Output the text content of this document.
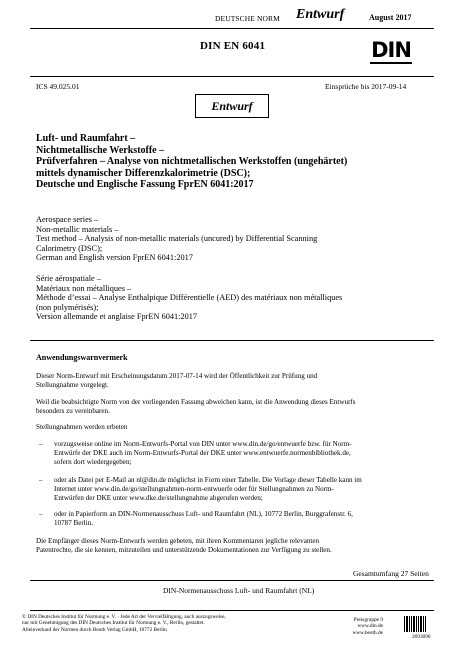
DEUTSCHE NORM Entwurf	August 2017
DIN EN 6041	DIN
ICS 49.025.01	Einsprüche bis 2017-09-14
Entwurf
Luft- und Raumfahrt –
Nichtmetallische Werkstoffe –
Prüfverfahren – Analyse von nichtmetallischen Werkstoffen (ungehärtet)
mittels dynamischer Differenzkalorimetrie (DSC);
Deutsche und Englische Fassung FprEN 6041:2017
Aerospace series –
Non-metallic materials –
Test method – Analysis of non-metallic materials (uncured) by Differential Scanning
Calorimetry (DSC);
German and English version FprEN 6041:2017
Série aérospatiale –
Matériaux non métalliques –
Méthode d’essai – Analyse Enthalpique Différentielle (AED) des matériaux non métalliques
(non polymérisés);
Version allemande et anglaise FprEN 6041:2017
Anwendungswarnvermerk
Dieser Norm-Entwurf mit Erscheinungsdatum 2017-07-14 wird der Öffentlichkeit zur Prüfung und
Stellungnahme vorgelegt.
Weil die beabsichtigte Norm von der vorliegenden Fassung abweichen kann, ist die Anwendung dieses Entwurfs
besonders zu vereinbaren.
Stellungnahmen werden erbeten
– vorzugsweise online im Norm-Entwurfs-Portal von DIN unter www.din.de/go/entwuerfe bzw. für Norm-
Entwürfe der DKE auch im Norm-Entwurfs-Portal der DKE unter www.entwuerfe.normenbibliothek.de,
sofern dort wiedergegeben;
– oder als Datei per E-Mail an nl@din.de möglichst in Form einer Tabelle. Die Vorlage dieser Tabelle kann im
Internet unter www.din.de/go/stellungnahmen-norm-entwuerfe oder für Stellungnahmen zu Norm-
Entwürfen der DKE unter www.dke.de/stellungnahme abgerufen werden;
– oder in Papierform an DIN-Normenausschuss Luft- und Raumfahrt (NL), 10772 Berlin, Burggrafenstr. 6,
10787 Berlin.
Die Empfänger dieses Norm-Entwurfs werden gebeten, mit ihren Kommentaren jegliche relevanten
Patentrechte, die sie kennen, mitzuteilen und unterstützende Dokumentationen zur Verfügung zu stellen.
Gesamtumfang 27 Seiten
DIN-Normenausschuss Luft- und Raumfahrt (NL)
© DIN Deutsches Institut für Normung e. V. · Jede Art der Vervielfältigung, auch auszugsweise,
nur mit Genehmigung des DIN Deutsches Institut für Normung e. V., Berlin, gestattet.
Alleinverkauf der Normen durch Beuth Verlag GmbH, 10772 Berlin
Preisgruppe 9
www.din.de
www.beuth.de
2693096
